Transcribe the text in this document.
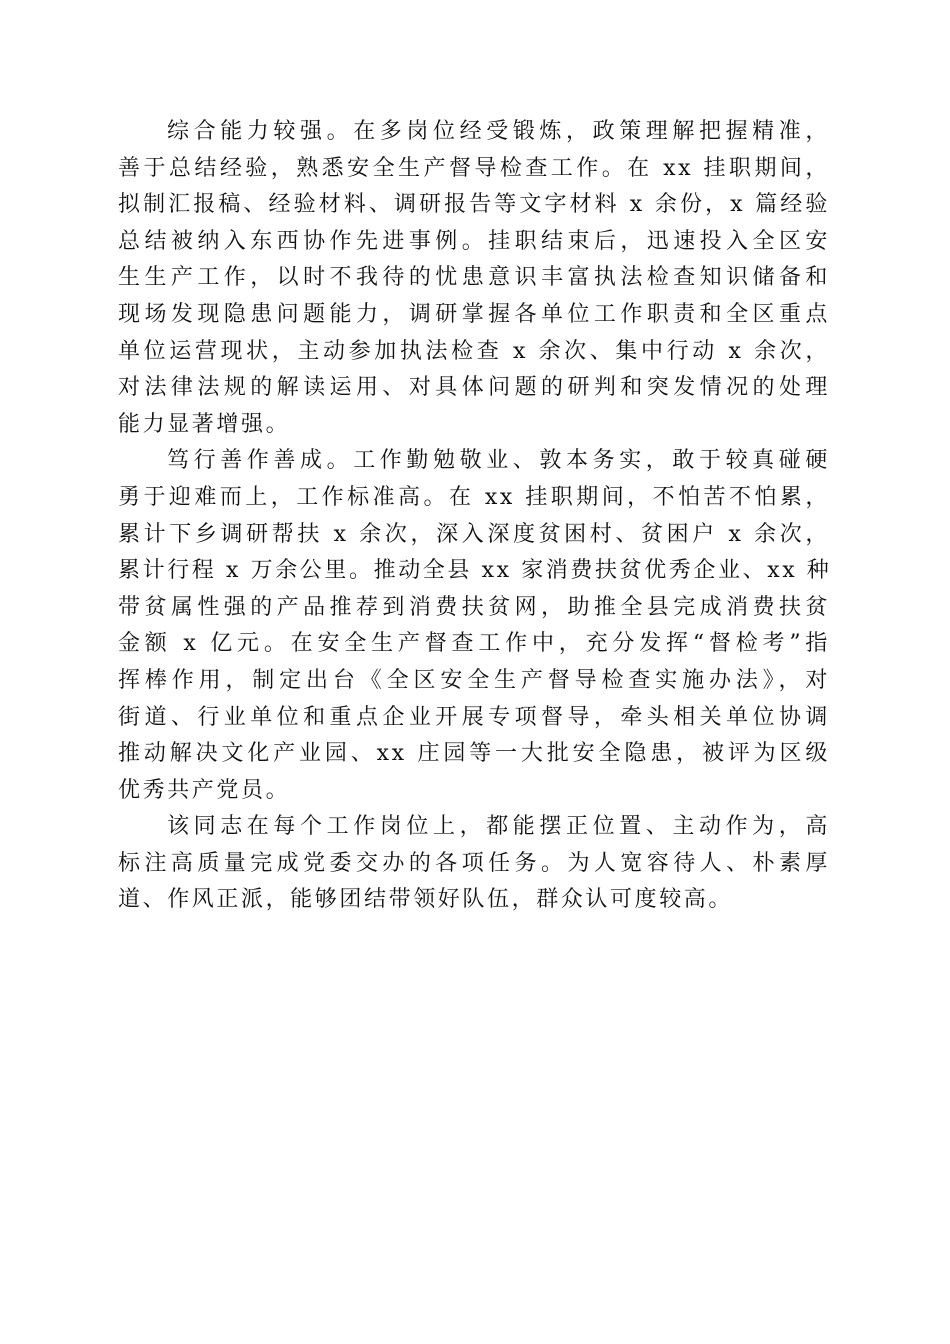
综合能力较强。在多岗位经受锻炼，政策理解把握精准，
善于总结经验，熟悉安全生产督导检查工作。在 xx 挂职期间，
拟制汇报稿、经验材料、调研报告等文字材料 x 余份，x 篇经验
总结被纳入东西协作先进事例。挂职结束后，迅速投入全区安
生生产工作，以时不我待的忧患意识丰富执法检查知识储备和
现场发现隐患问题能力，调研掌握各单位工作职责和全区重点
单位运营现状，主动参加执法检查 x 余次、集中行动 x 余次，
对法律法规的解读运用、对具体问题的研判和突发情况的处理
能力显著增强。

笃行善作善成。工作勤勉敬业、敦本务实，敢于较真碰硬
勇于迎难而上，工作标准高。在 xx 挂职期间，不怕苦不怕累，
累计下乡调研帮扶 x 余次，深入深度贫困村、贫困户 x 余次，
累计行程 x 万余公里。推动全县 xx 家消费扶贫优秀企业、xx 种
带贫属性强的产品推荐到消费扶贫网，助推全县完成消费扶贫
金额 x 亿元。在安全生产督查工作中，充分发挥“督检考”指
挥棒作用，制定出台《全区安全生产督导检查实施办法》，对
街道、行业单位和重点企业开展专项督导，牵头相关单位协调
推动解决文化产业园、xx 庄园等一大批安全隐患，被评为区级
优秀共产党员。

该同志在每个工作岗位上，都能摆正位置、主动作为，高
标注高质量完成党委交办的各项任务。为人宽容待人、朴素厚
道、作风正派，能够团结带领好队伍，群众认可度较高。
